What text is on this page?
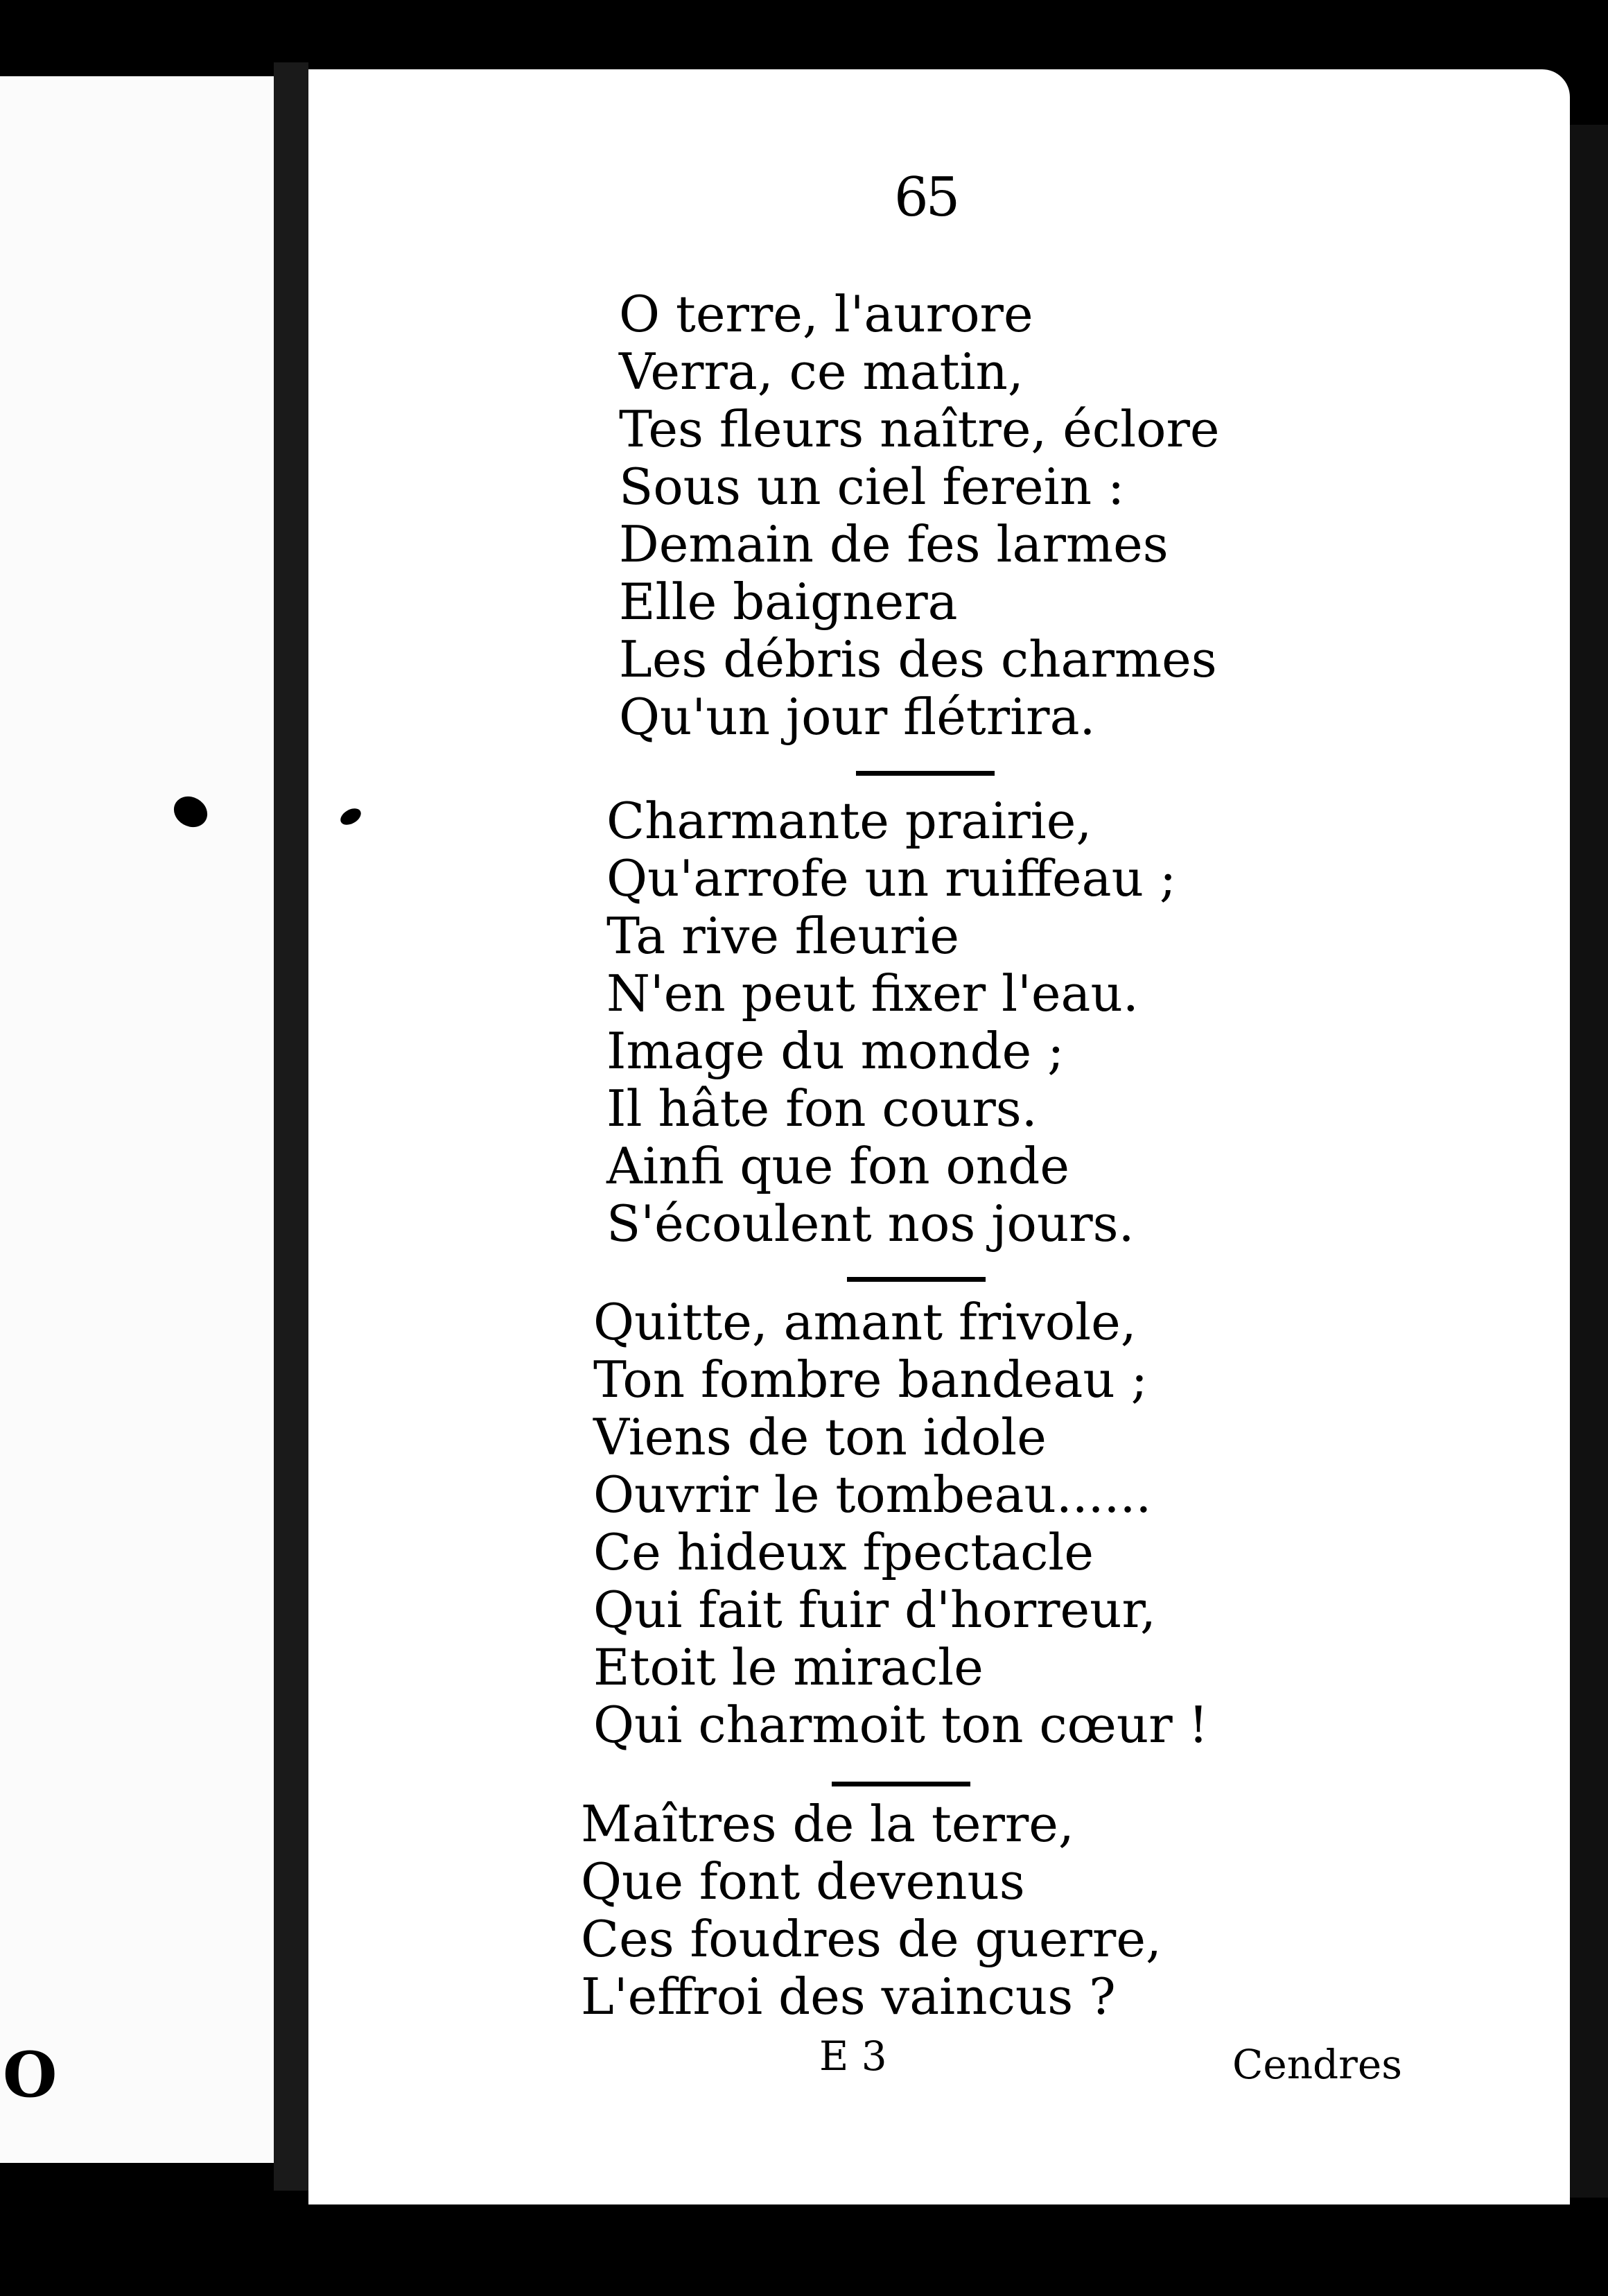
O
65
O terre, l'aurore
Verra, ce matin,
Tes fleurs naître, éclore
Sous un ciel ferein :
Demain de fes larmes
Elle baignera
Les débris des charmes
Qu'un jour flétrira.
Charmante prairie,
Qu'arrofe un ruiffeau ;
Ta rive fleurie
N'en peut fixer l'eau.
Image du monde ;
Il hâte fon cours.
Ainfi que fon onde
S'écoulent nos jours.
Quitte, amant frivole,
Ton fombre bandeau ;
Viens de ton idole
Ouvrir le tombeau......
Ce hideux fpectacle
Qui fait fuir d'horreur,
Etoit le miracle
Qui charmoit ton cœur !
Maîtres de la terre,
Que font devenus
Ces foudres de guerre,
L'effroi des vaincus ?
E 3	Cendres
